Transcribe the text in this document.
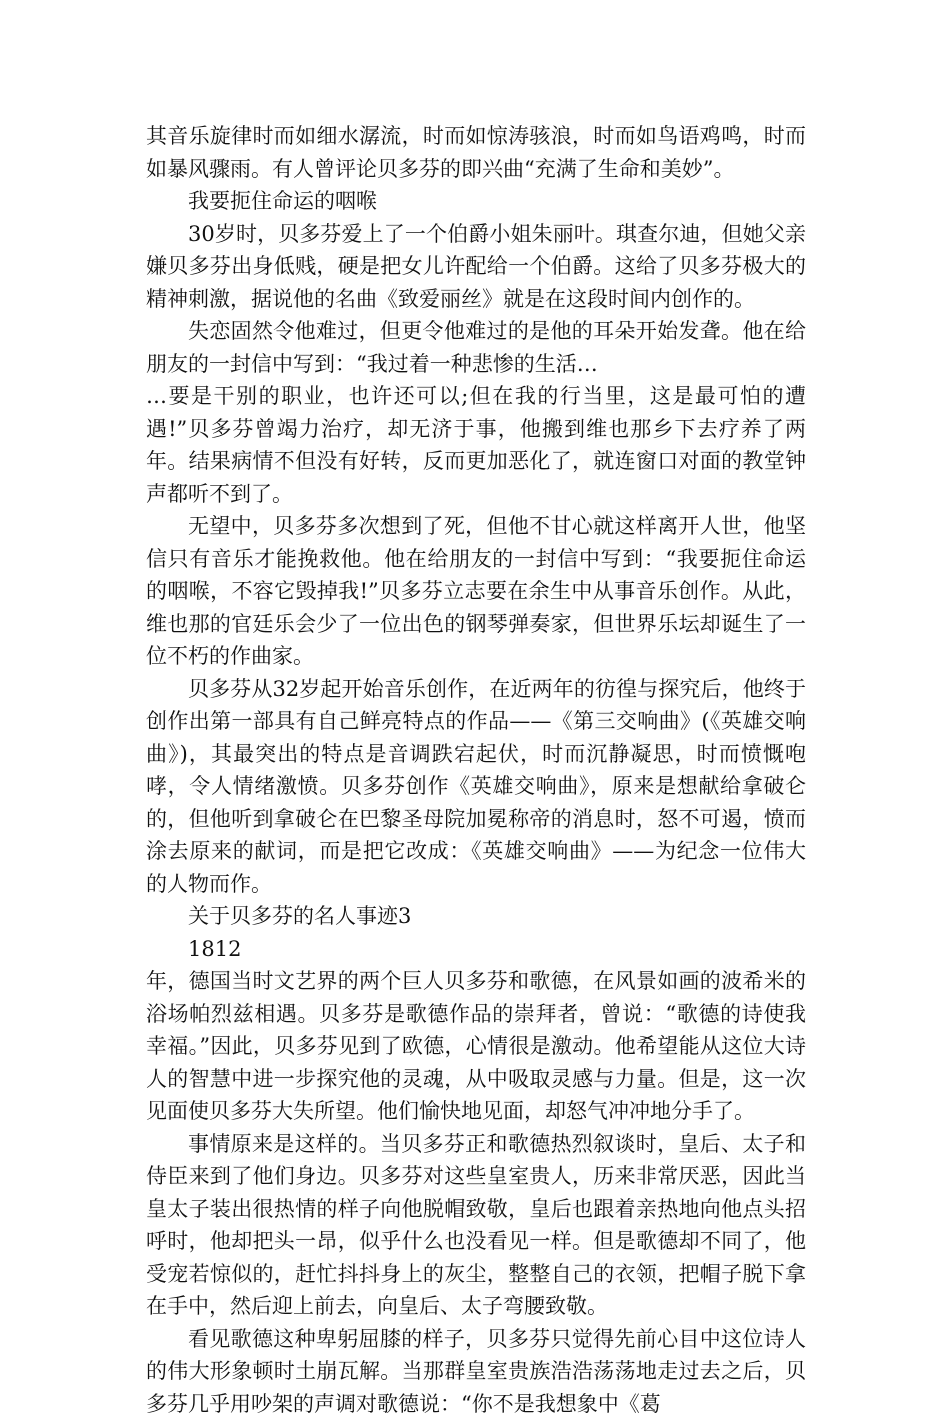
其音乐旋律时而如细水潺流，时而如惊涛骇浪，时而如鸟语鸡鸣，时而如暴风骤雨。有人曾评论贝多芬的即兴曲“充满了生命和美妙”。

我要扼住命运的咽喉

30岁时，贝多芬爱上了一个伯爵小姐朱丽叶。琪查尔迪，但她父亲嫌贝多芬出身低贱，硬是把女儿许配给一个伯爵。这给了贝多芬极大的精神刺激，据说他的名曲《致爱丽丝》就是在这段时间内创作的。

失恋固然令他难过，但更令他难过的是他的耳朵开始发聋。他在给朋友的一封信中写到：“我过着一种悲惨的生活…

…要是干别的职业，也许还可以;但在我的行当里，这是最可怕的遭遇!”贝多芬曾竭力治疗，却无济于事，他搬到维也那乡下去疗养了两年。结果病情不但没有好转，反而更加恶化了，就连窗口对面的教堂钟声都听不到了。

无望中，贝多芬多次想到了死，但他不甘心就这样离开人世，他坚信只有音乐才能挽救他。他在给朋友的一封信中写到：“我要扼住命运的咽喉，不容它毁掉我!”贝多芬立志要在余生中从事音乐创作。从此，维也那的官廷乐会少了一位出色的钢琴弹奏家，但世界乐坛却诞生了一位不朽的作曲家。

贝多芬从32岁起开始音乐创作，在近两年的彷徨与探究后，他终于创作出第一部具有自己鲜亮特点的作品——《第三交响曲》(《英雄交响曲》)，其最突出的特点是音调跌宕起伏，时而沉静凝思，时而愤慨咆哮，令人情绪激愤。贝多芬创作《英雄交响曲》，原来是想献给拿破仑的，但他听到拿破仑在巴黎圣母院加冕称帝的消息时，怒不可遏，愤而涂去原来的献词，而是把它改成：《英雄交响曲》——为纪念一位伟大的人物而作。

关于贝多芬的名人事迹3

1812

年，德国当时文艺界的两个巨人贝多芬和歌德，在风景如画的波希米的浴场帕烈兹相遇。贝多芬是歌德作品的崇拜者，曾说：“歌德的诗使我幸福。”因此，贝多芬见到了欧德，心情很是激动。他希望能从这位大诗人的智慧中进一步探究他的灵魂，从中吸取灵感与力量。但是，这一次见面使贝多芬大失所望。他们愉快地见面，却怒气冲冲地分手了。

事情原来是这样的。当贝多芬正和歌德热烈叙谈时，皇后、太子和侍臣来到了他们身边。贝多芬对这些皇室贵人，历来非常厌恶，因此当皇太子装出很热情的样子向他脱帽致敬，皇后也跟着亲热地向他点头招呼时，他却把头一昂，似乎什么也没看见一样。但是歌德却不同了，他受宠若惊似的，赶忙抖抖身上的灰尘，整整自己的衣领，把帽子脱下拿在手中，然后迎上前去，向皇后、太子弯腰致敬。

看见歌德这种卑躬屈膝的样子，贝多芬只觉得先前心目中这位诗人的伟大形象顿时土崩瓦解。当那群皇室贵族浩浩荡荡地走过去之后，贝多芬几乎用吵架的声调对歌德说：“你不是我想象中《葛
